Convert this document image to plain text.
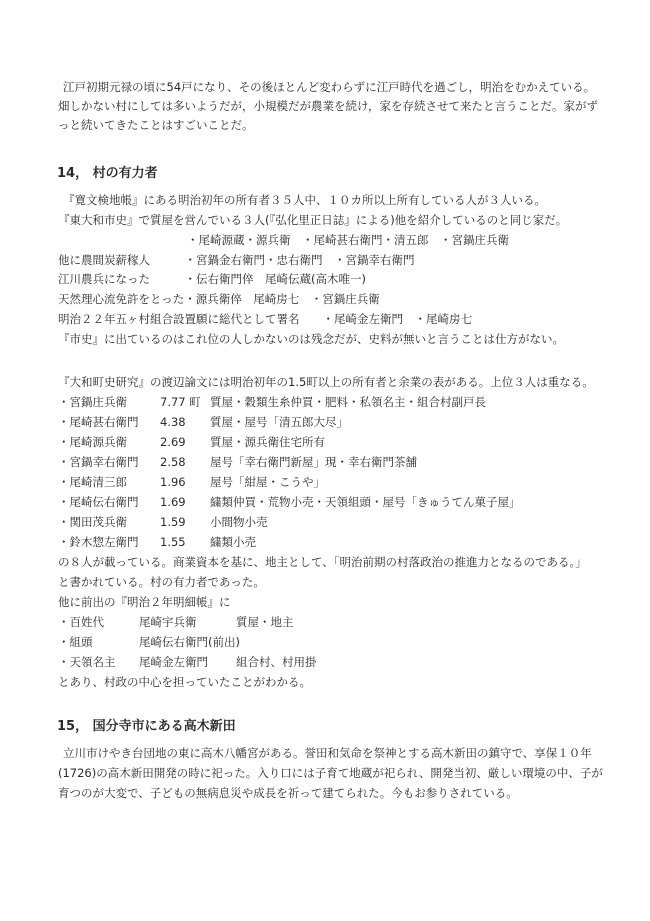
江戸初期元禄の頃に54戸になり、その後ほとんど変わらずに江戸時代を過ごし，明治をむかえている。
畑しかない村にしては多いようだが，小規模だが農業を続け，家を存続させて来たと言うことだ。家がず
っと続いてきたことはすごいことだ。
14， 村の有力者
『寛文検地帳』にある明治初年の所有者３５人中、１０カ所以上所有している人が３人いる。
『東大和市史』で質屋を営んでいる３人(『弘化里正日誌』による)他を紹介しているのと同じ家だ。
・尾崎源蔵・源兵衛　・尾崎甚右衛門・清五郎　・宮鍋庄兵衛
他に農間炭薪稼人　　　・宮鍋金右衛門・忠右衛門　・宮鍋幸右衛門
江川農兵になった　　　・伝右衛門倅　尾崎伝蔵(高木唯一)
天然理心流免許をとった・源兵衛倅　尾崎房七　・宮鍋庄兵衛
明治２２年五ヶ村組合設置願に総代として署名　　・尾崎金左衛門　・尾崎房七
『市史』に出ているのはこれ位の人しかないのは残念だが、史料が無いと言うことは仕方がない。
『大和町史研究』の渡辺論文には明治初年の1.5町以上の所有者と余業の表がある。上位３人は重なる。
・宮鍋庄兵衛	7.77 町 質屋・穀類生糸仲買・肥料・私領名主・組合村副戸長
・尾崎甚右衛門 4.38 質屋・屋号「清五郎大尽」
・尾崎源兵衛	2.69 質屋・源兵衛住宅所有
・宮鍋幸右衛門 2.58 屋号「幸右衛門新屋」現・幸右衛門茶舗
・尾崎清三郎	1.96 屋号「紺屋・こうや」
・尾崎伝右衛門 1.69 繍類仲買・荒物小売・天領組頭・屋号「きゅうてん菓子屋」
・関田茂兵衛	1.59 小間物小売
・鈴木惣左衛門 1.55 繍類小売
の８人が載っている。商業資本を基に、地主として、「明治前期の村落政治の推進力となるのである。」
と書かれている。村の有力者であった。
他に前出の『明治２年明細帳』に
・百姓代	尾崎宇兵衛	質屋・地主
・組頭	尾崎伝右衛門(前出)
・天領名主 尾崎金左衛門 組合村、村用掛
とあり、村政の中心を担っていたことがわかる。
15， 国分寺市にある高木新田
立川市けやき台団地の東に高木八幡宮がある。誉田和気命を祭神とする高木新田の鎮守で、享保１０年
(1726)の高木新田開発の時に祀った。入り口には子育て地蔵が祀られ、開発当初、厳しい環境の中、子が
育つのが大変で、子どもの無病息災や成長を祈って建てられた。今もお参りされている。
